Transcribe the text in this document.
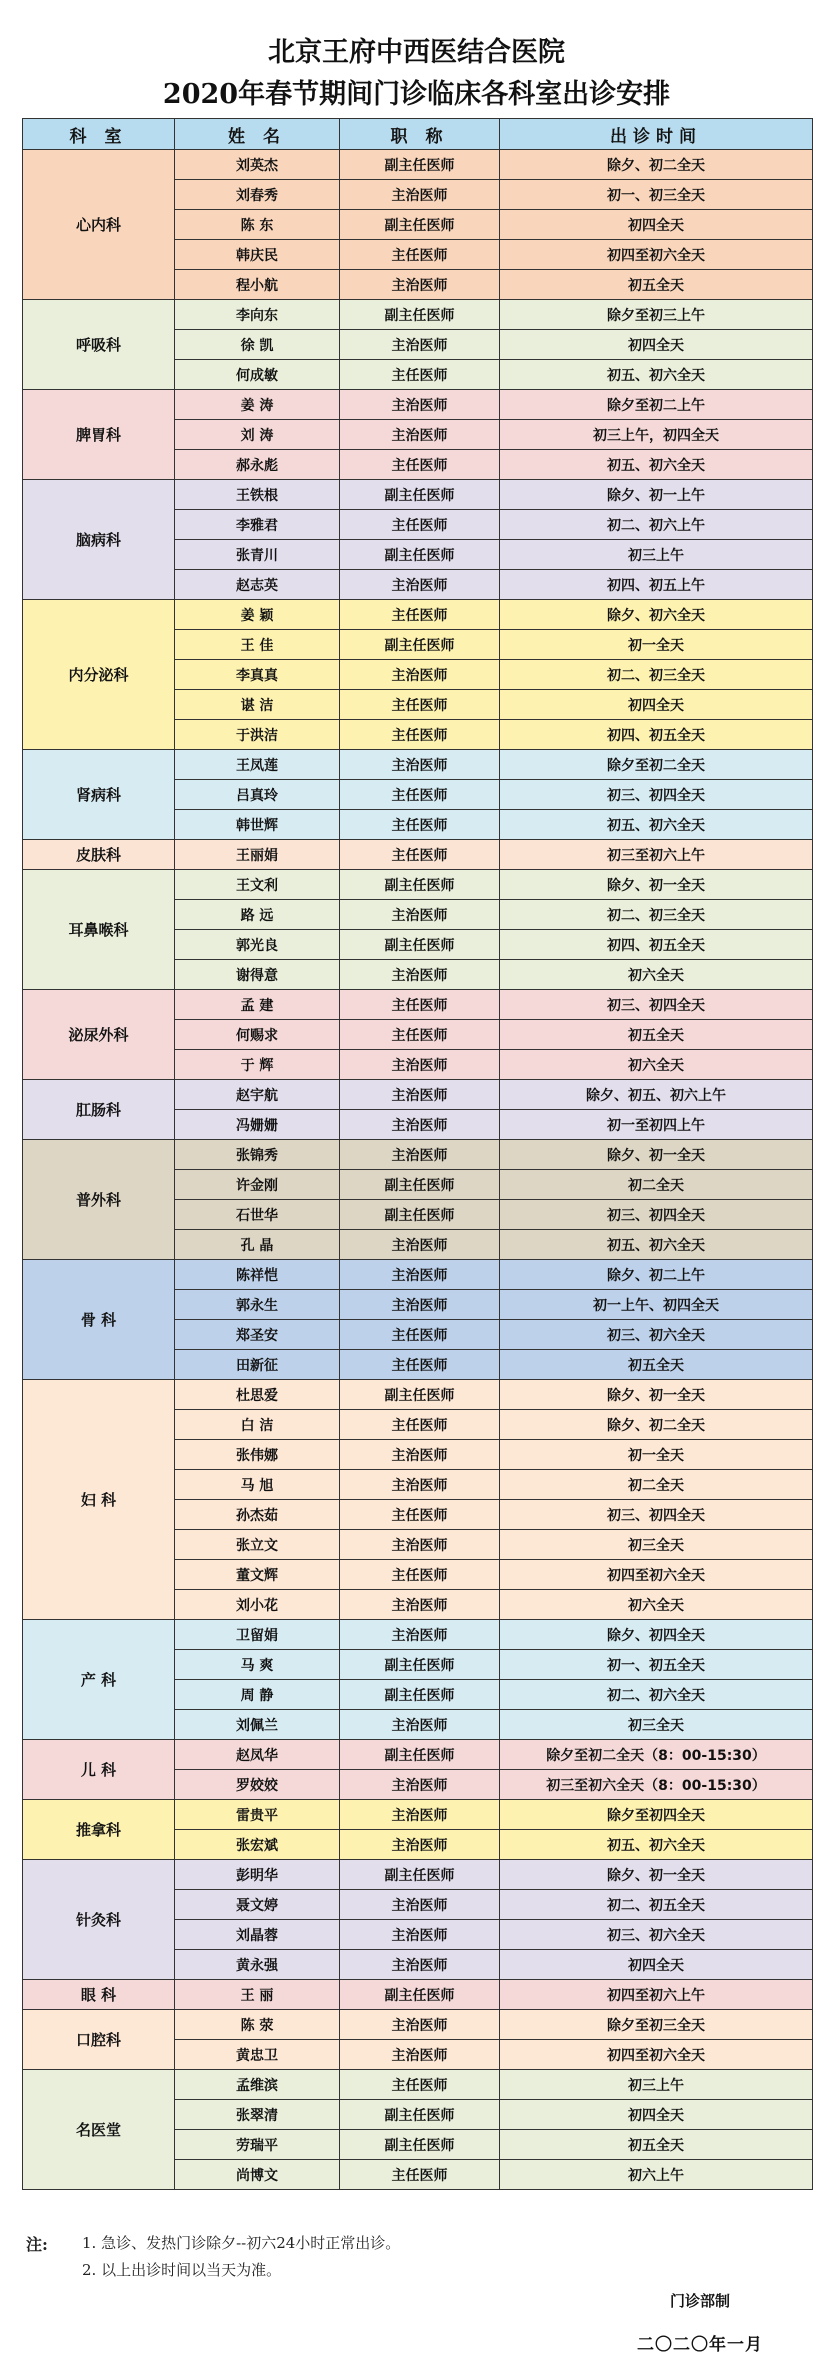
北京王府中西医结合医院
2020年春节期间门诊临床各科室出诊安排
科 室	姓 名	职 称	出诊时间
心内科	刘英杰	副主任医师	除夕、初二全天
	刘春秀	主治医师	初一、初三全天
	陈 东	副主任医师	初四全天
	韩庆民	主任医师	初四至初六全天
	程小航	主治医师	初五全天
呼吸科	李向东	副主任医师	除夕至初三上午
	徐 凯	主治医师	初四全天
	何成敏	主任医师	初五、初六全天
脾胃科	姜 涛	主治医师	除夕至初二上午
	刘 涛	主治医师	初三上午，初四全天
	郝永彪	主任医师	初五、初六全天
脑病科	王铁根	副主任医师	除夕、初一上午
	李雅君	主任医师	初二、初六上午
	张青川	副主任医师	初三上午
	赵志英	主治医师	初四、初五上午
内分泌科	姜 颖	主任医师	除夕、初六全天
	王 佳	副主任医师	初一全天
	李真真	主治医师	初二、初三全天
	谌 洁	主任医师	初四全天
	于洪洁	主任医师	初四、初五全天
肾病科	王凤莲	主治医师	除夕至初二全天
	吕真玲	主任医师	初三、初四全天
	韩世辉	主任医师	初五、初六全天
皮肤科	王丽娟	主任医师	初三至初六上午
耳鼻喉科	王文利	副主任医师	除夕、初一全天
	路 远	主治医师	初二、初三全天
	郭光良	副主任医师	初四、初五全天
	谢得意	主治医师	初六全天
泌尿外科	孟 建	主任医师	初三、初四全天
	何赐求	主任医师	初五全天
	于 辉	主治医师	初六全天
肛肠科	赵宇航	主治医师	除夕、初五、初六上午
	冯姗姗	主治医师	初一至初四上午
普外科	张锦秀	主治医师	除夕、初一全天
	许金刚	副主任医师	初二全天
	石世华	副主任医师	初三、初四全天
	孔 晶	主治医师	初五、初六全天
骨 科	陈祥恺	主治医师	除夕、初二上午
	郭永生	主治医师	初一上午、初四全天
	郑圣安	主任医师	初三、初六全天
	田新征	主任医师	初五全天
妇 科	杜思爱	副主任医师	除夕、初一全天
	白 洁	主任医师	除夕、初二全天
	张伟娜	主治医师	初一全天
	马 旭	主治医师	初二全天
	孙杰茹	主任医师	初三、初四全天
	张立文	主治医师	初三全天
	董文辉	主任医师	初四至初六全天
	刘小花	主治医师	初六全天
产 科	卫留娟	主治医师	除夕、初四全天
	马 爽	副主任医师	初一、初五全天
	周 静	副主任医师	初二、初六全天
	刘佩兰	主治医师	初三全天
儿 科	赵凤华	副主任医师	除夕至初二全天（8：00-15:30）
	罗姣姣	主治医师	初三至初六全天（8：00-15:30）
推拿科	雷贵平	主治医师	除夕至初四全天
	张宏斌	主治医师	初五、初六全天
针灸科	彭明华	副主任医师	除夕、初一全天
	聂文婷	主治医师	初二、初五全天
	刘晶蓉	主治医师	初三、初六全天
	黄永强	主治医师	初四全天
眼 科	王 丽	副主任医师	初四至初六上午
口腔科	陈 荥	主治医师	除夕至初三全天
	黄忠卫	主治医师	初四至初六全天
名医堂	孟维滨	主任医师	初三上午
	张翠清	副主任医师	初四全天
	劳瑞平	副主任医师	初五全天
	尚博文	主任医师	初六上午
注: 1. 急诊、发热门诊除夕--初六24小时正常出诊。
2. 以上出诊时间以当天为准。
门诊部制
二〇二〇年一月
